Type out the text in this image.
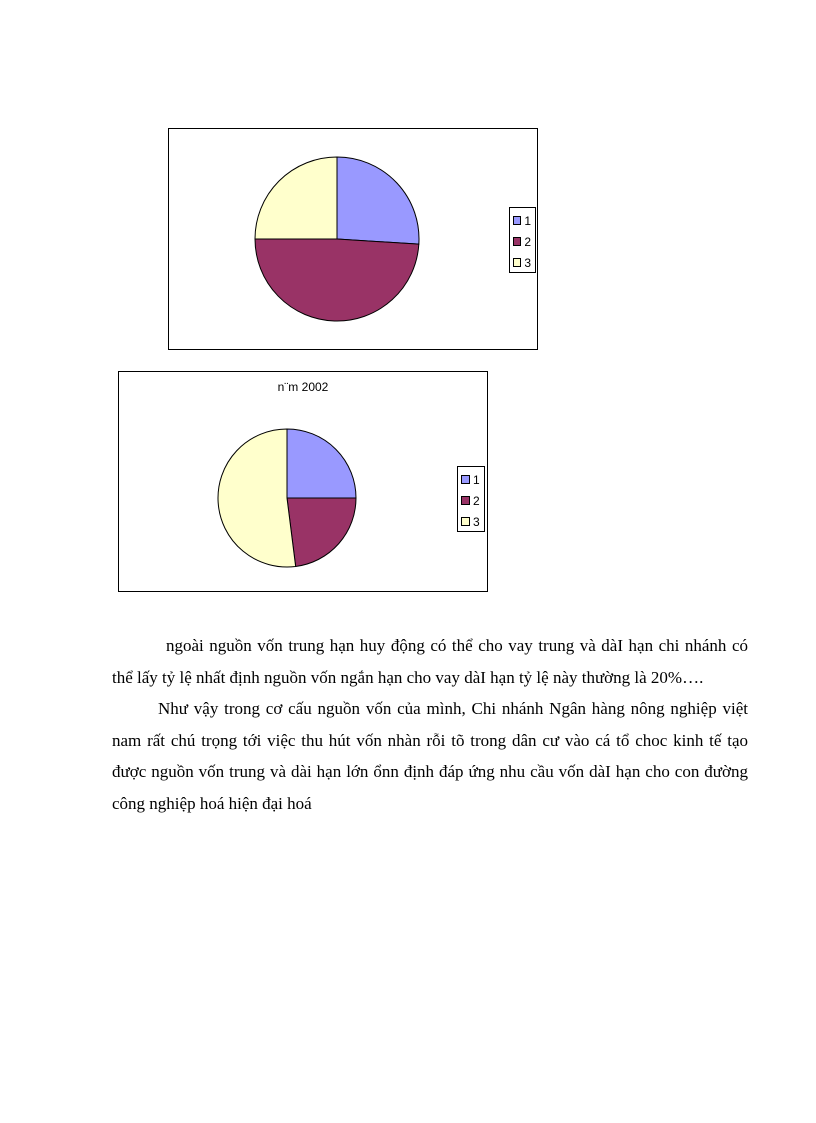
1
2
3
n¨m 2002
1
2
3

ngoài nguồn vốn trung hạn huy động có thể cho vay trung và dàI hạn chi nhánh có thể lấy tỷ lệ nhất định nguồn vốn ngắn hạn cho vay dàI hạn tỷ lệ này thường là 20%….

Như vậy trong cơ cấu nguồn vốn của mình, Chi nhánh Ngân hàng nông nghiệp việt nam rất chú trọng tới việc thu hút vốn nhàn rỗi tõ trong dân cư vào cá tổ choc kinh tế tạo được nguồn vốn trung và dài hạn lớn ổnn định đáp ứng nhu cầu vốn dàI hạn cho con đường công nghiệp hoá hiện đại hoá
